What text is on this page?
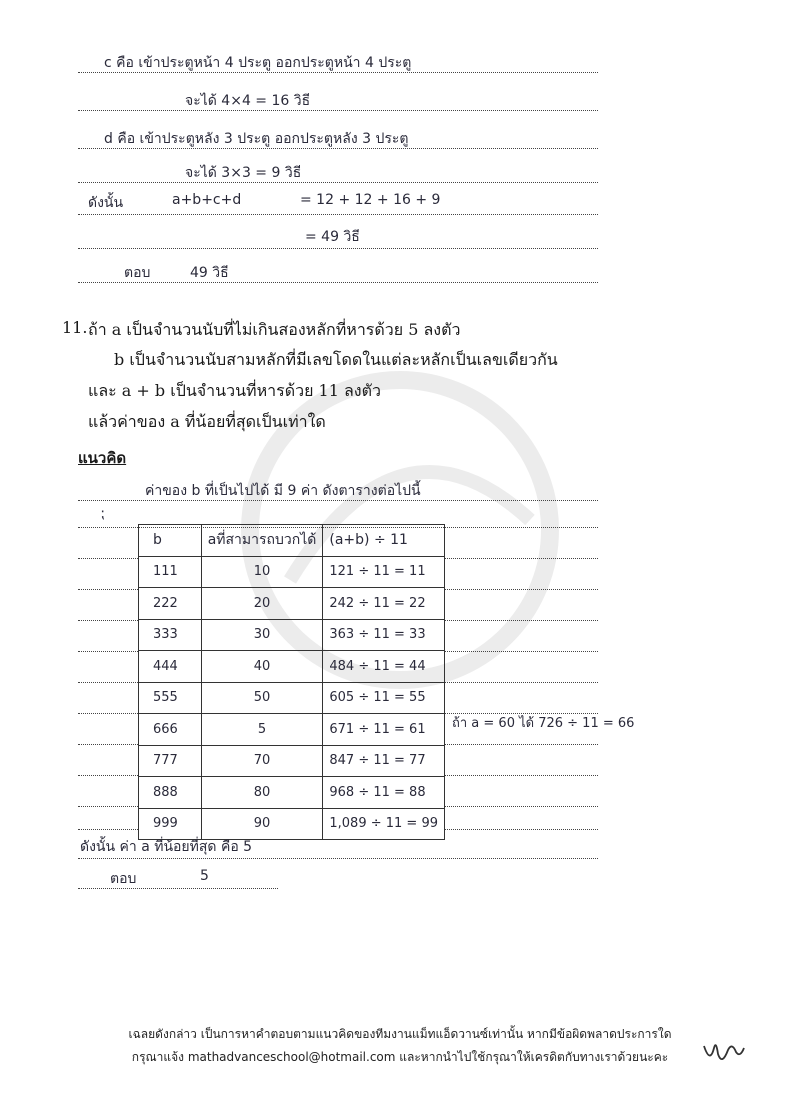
c คือ เข้าประตูหน้า 4 ประตู ออกประตูหน้า 4 ประตู
จะได้ 4×4 = 16 วิธี
d คือ เข้าประตูหลัง 3 ประตู ออกประตูหลัง 3 ประตู
จะได้ 3×3 = 9 วิธี
ดังนั้น	a+b+c+d	= 12 + 12 + 16 + 9
= 49 วิธี
ตอบ	49 วิธี
11. ถ้า a เป็นจำนวนนับที่ไม่เกินสองหลักที่หารด้วย 5 ลงตัว
b เป็นจำนวนนับสามหลักที่มีเลขโดดในแต่ละหลักเป็นเลขเดียวกัน
และ a + b เป็นจำนวนที่หารด้วย 11 ลงตัว
แล้วค่าของ a ที่น้อยที่สุดเป็นเท่าใด
แนวคิด
ค่าของ b ที่เป็นไปได้ มี 9 ค่า ดังตารางต่อไปนี้
⁏
b	aที่สามารถบวกได้	(a+b) ÷ 11
111	10	121 ÷ 11 = 11
222	20	242 ÷ 11 = 22
333	30	363 ÷ 11 = 33
444	40	484 ÷ 11 = 44
555	50	605 ÷ 11 = 55
666	5	671 ÷ 11 = 61
777	70	847 ÷ 11 = 77
888	80	968 ÷ 11 = 88
999	90	1,089 ÷ 11 = 99
ถ้า a = 60 ได้ 726 ÷ 11 = 66
ดังนั้น ค่า a ที่น้อยที่สุด คือ 5
ตอบ	5
เฉลยดังกล่าว เป็นการหาคำตอบตามแนวคิดของทีมงานแม็ทแอ็ดวานซ์เท่านั้น หากมีข้อผิดพลาดประการใด
กรุณาแจ้ง mathadvanceschool@hotmail.com และหากนำไปใช้กรุณาให้เครดิตกับทางเราด้วยนะคะ
